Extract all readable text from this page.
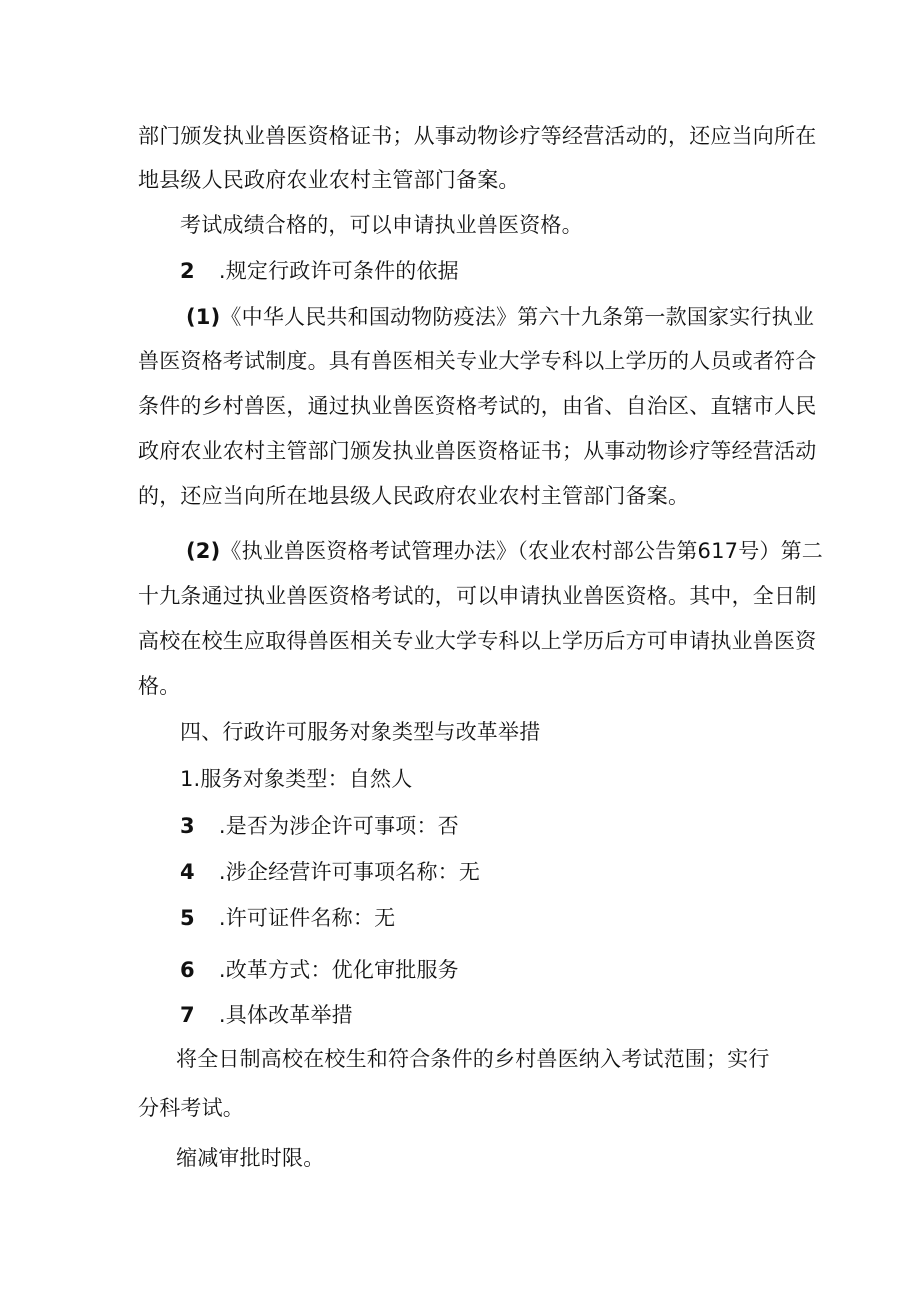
部门颁发执业兽医资格证书；从事动物诊疗等经营活动的，还应当向所在
地县级人民政府农业农村主管部门备案。
考试成绩合格的，可以申请执业兽医资格。
2 .规定行政许可条件的依据
(1)《中华人民共和国动物防疫法》第六十九条第一款国家实行执业
兽医资格考试制度。具有兽医相关专业大学专科以上学历的人员或者符合
条件的乡村兽医，通过执业兽医资格考试的，由省、自治区、直辖市人民
政府农业农村主管部门颁发执业兽医资格证书；从事动物诊疗等经营活动
的，还应当向所在地县级人民政府农业农村主管部门备案。
(2)《执业兽医资格考试管理办法》（农业农村部公告第617号）第二
十九条通过执业兽医资格考试的，可以申请执业兽医资格。其中，全日制
高校在校生应取得兽医相关专业大学专科以上学历后方可申请执业兽医资
格。
四、行政许可服务对象类型与改革举措
1.服务对象类型：自然人
3 .是否为涉企许可事项：否
4 .涉企经营许可事项名称：无
5 .许可证件名称：无
6 .改革方式：优化审批服务
7 .具体改革举措
将全日制高校在校生和符合条件的乡村兽医纳入考试范围；实行
分科考试。
缩减审批时限。
